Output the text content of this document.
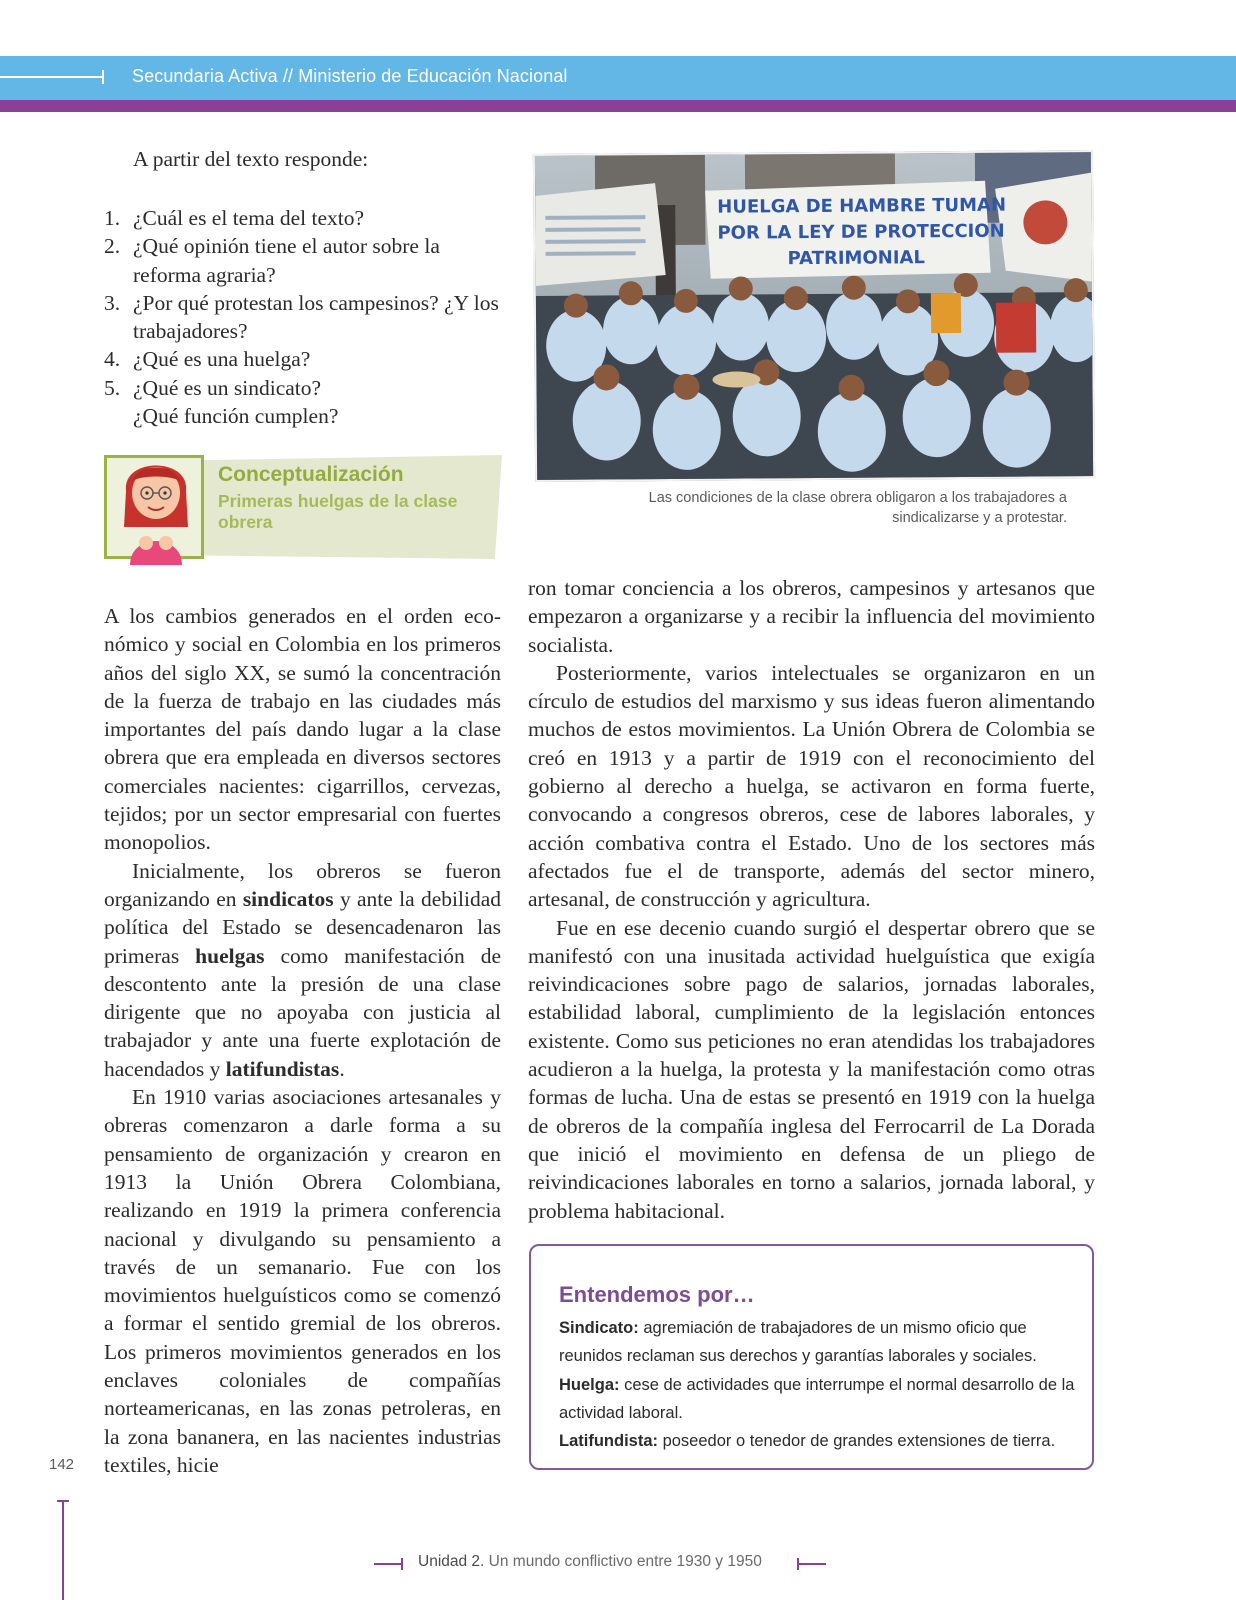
Secundaria Activa // Ministerio de Educación Nacional
A partir del texto responde:
1. ¿Cuál es el tema del texto?
2. ¿Qué opinión tiene el autor sobre la reforma agraria?
3. ¿Por qué protestan los campesinos? ¿Y los trabajadores?
4. ¿Qué es una huelga?
5. ¿Qué es un sindicato? ¿Qué función cumplen?
HUELGA DE HAMBRE TUMAN
POR LA LEY DE PROTECCION
PATRIMONIAL
Las condiciones de la clase obrera obligaron a los trabajadores a sindicalizarse y a protestar.
Conceptualización
Primeras huelgas de la clase obrera

A los cambios generados en el orden económico y social en Colombia en los primeros años del siglo XX, se sumó la concentración de la fuerza de trabajo en las ciudades más importantes del país dando lugar a la clase obrera que era empleada en diversos sectores comerciales nacientes: cigarrillos, cervezas, tejidos; por un sector empresarial con fuertes monopolios.

Inicialmente, los obreros se fueron organizando en sindicatos y ante la debilidad política del Estado se desencadenaron las primeras huelgas como manifestación de descontento ante la presión de una clase dirigente que no apoyaba con justicia al trabajador y ante una fuerte explotación de hacendados y latifundistas.

En 1910 varias asociaciones artesanales y obreras comenzaron a darle forma a su pensamiento de organización y crearon en 1913 la Unión Obrera Colombiana, realizando en 1919 la primera conferencia nacional y divulgando su pensamiento a través de un semanario. Fue con los movimientos huelguísticos como se comenzó a formar el sentido gremial de los obreros. Los primeros movimientos generados en los enclaves coloniales de compañías norteamericanas, en las zonas petroleras, en la zona bananera, en las nacientes industrias textiles, hicie

ron tomar conciencia a los obreros, campesinos y artesanos que empezaron a organizarse y a recibir la influencia del movimiento socialista.

Posteriormente, varios intelectuales se organizaron en un círculo de estudios del marxismo y sus ideas fueron alimentando muchos de estos movimientos. La Unión Obrera de Colombia se creó en 1913 y a partir de 1919 con el reconocimiento del gobierno al derecho a huelga, se activaron en forma fuerte, convocando a congresos obreros, cese de labores laborales, y acción combativa contra el Estado. Uno de los sectores más afectados fue el de transporte, además del sector minero, artesanal, de construcción y agricultura.

Fue en ese decenio cuando surgió el despertar obrero que se manifestó con una inusitada actividad huelguística que exigía reivindicaciones sobre pago de salarios, jornadas laborales, estabilidad laboral, cumplimiento de la legislación entonces existente. Como sus peticiones no eran atendidas los trabajadores acudieron a la huelga, la protesta y la manifestación como otras formas de lucha. Una de estas se presentó en 1919 con la huelga de obreros de la compañía inglesa del Ferrocarril de La Dorada que inició el movimiento en defensa de un pliego de reivindicaciones laborales en torno a salarios, jornada laboral, y problema habitacional.

Entendemos por…
Sindicato: agremiación de trabajadores de un mismo oficio que reunidos reclaman sus derechos y garantías laborales y sociales.
Huelga: cese de actividades que interrumpe el normal desarrollo de la actividad laboral.
Latifundista: poseedor o tenedor de grandes extensiones de tierra.
142
Unidad 2. Un mundo conflictivo entre 1930 y 1950
